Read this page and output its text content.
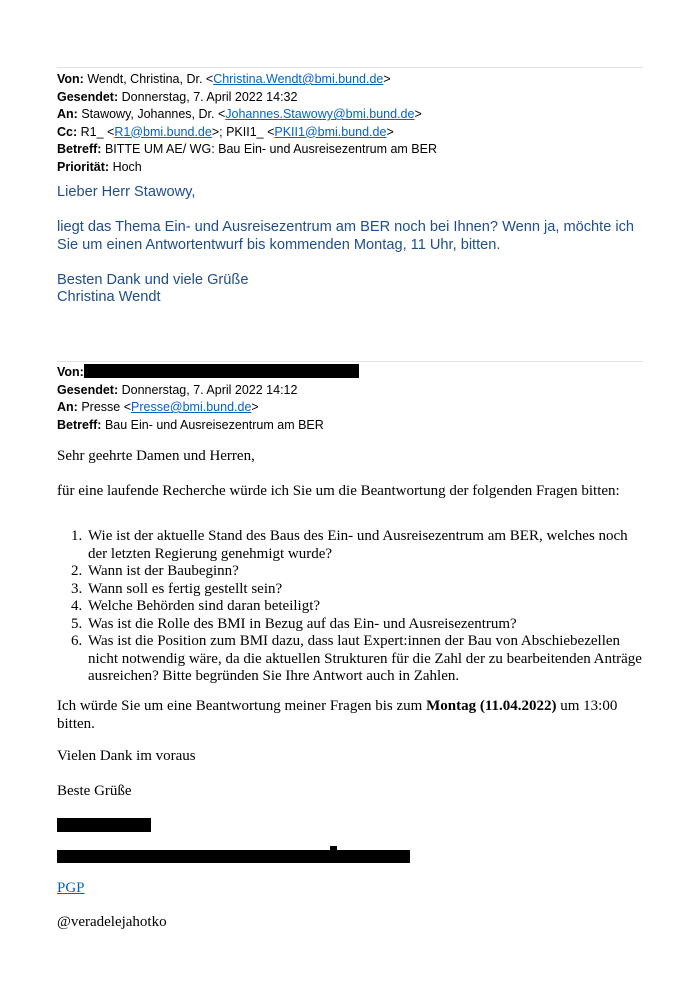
Von: Wendt, Christina, Dr. <Christina.Wendt@bmi.bund.de>
Gesendet: Donnerstag, 7. April 2022 14:32
An: Stawowy, Johannes, Dr. <Johannes.Stawowy@bmi.bund.de>
Cc: R1_ <R1@bmi.bund.de>; PKII1_ <PKII1@bmi.bund.de>
Betreff: BITTE UM AE/ WG: Bau Ein- und Ausreisezentrum am BER
Priorität: Hoch

Lieber Herr Stawowy,

liegt das Thema Ein- und Ausreisezentrum am BER noch bei Ihnen? Wenn ja, möchte ich Sie um einen Antwortentwurf bis kommenden Montag, 11 Uhr, bitten.

Besten Dank und viele Grüße

Christina Wendt

Von:
Gesendet: Donnerstag, 7. April 2022 14:12
An: Presse <Presse@bmi.bund.de>
Betreff: Bau Ein- und Ausreisezentrum am BER

Sehr geehrte Damen und Herren,

für eine laufende Recherche würde ich Sie um die Beantwortung der folgenden Fragen bitten:

1. Wie ist der aktuelle Stand des Baus des Ein- und Ausreisezentrum am BER, welches noch der letzten Regierung genehmigt wurde?
2. Wann ist der Baubeginn?
3. Wann soll es fertig gestellt sein?
4. Welche Behörden sind daran beteiligt?
5. Was ist die Rolle des BMI in Bezug auf das Ein- und Ausreisezentrum?
6. Was ist die Position zum BMI dazu, dass laut Expert:innen der Bau von Abschiebezellen nicht notwendig wäre, da die aktuellen Strukturen für die Zahl der zu bearbeitenden Anträge ausreichen? Bitte begründen Sie Ihre Antwort auch in Zahlen.

Ich würde Sie um eine Beantwortung meiner Fragen bis zum Montag (11.04.2022) um 13:00 bitten.

Vielen Dank im voraus

Beste Grüße

PGP

@veradelejahotko
